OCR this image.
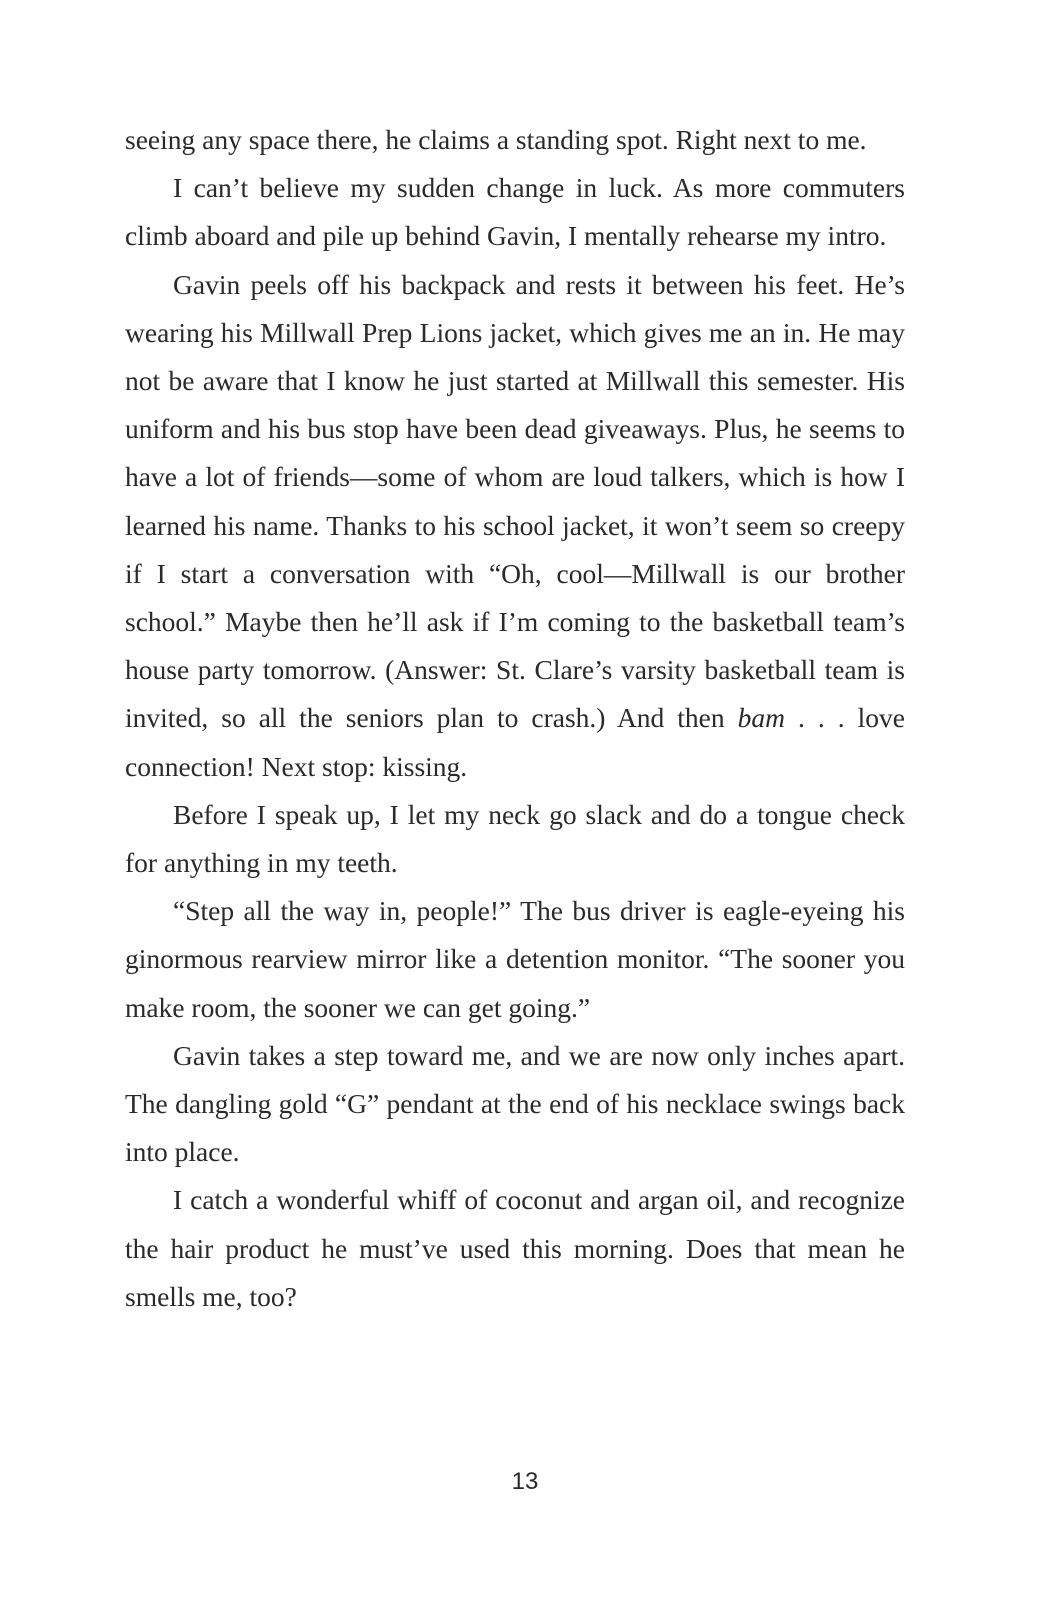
seeing any space there, he claims a standing spot. Right next to me.

I can’t believe my sudden change in luck. As more commuters climb aboard and pile up behind Gavin, I mentally rehearse my intro.

Gavin peels off his backpack and rests it between his feet. He’s wearing his Millwall Prep Lions jacket, which gives me an in. He may not be aware that I know he just started at Millwall this semester. His uniform and his bus stop have been dead giveaways. Plus, he seems to have a lot of friends—some of whom are loud talkers, which is how I learned his name. Thanks to his school jacket, it won’t seem so creepy if I start a conversation with “Oh, cool—Millwall is our brother school.” Maybe then he’ll ask if I’m coming to the basketball team’s house party tomorrow. (Answer: St. Clare’s varsity basketball team is invited, so all the seniors plan to crash.) And then bam . . . love connection! Next stop: kissing.

Before I speak up, I let my neck go slack and do a tongue check for anything in my teeth.

“Step all the way in, people!” The bus driver is eagle-eyeing his ginormous rearview mirror like a detention monitor. “The sooner you make room, the sooner we can get going.”

Gavin takes a step toward me, and we are now only inches apart. The dangling gold “G” pendant at the end of his necklace swings back into place.

I catch a wonderful whiff of coconut and argan oil, and recognize the hair product he must’ve used this morning. Does that mean he smells me, too?

13
